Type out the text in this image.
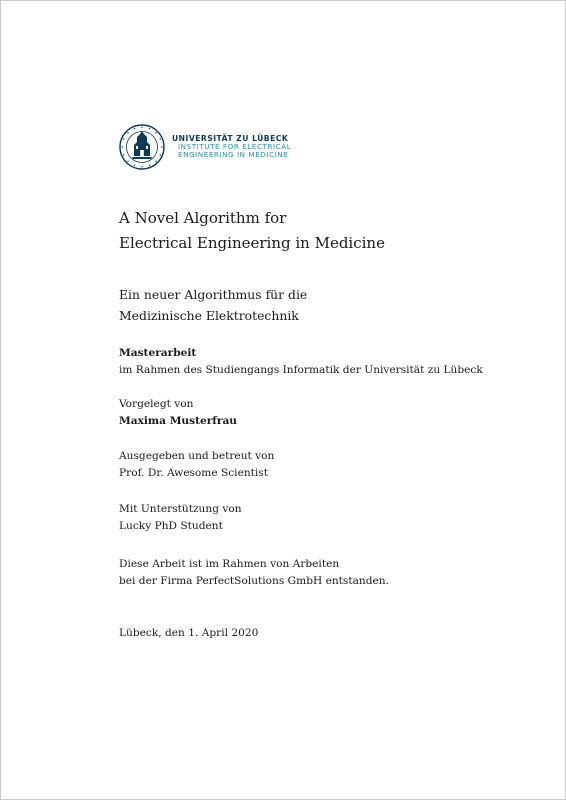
UNIVERSITÄT ZU LÜBECK
INSTITUTE FOR ELECTRICAL
ENGINEERING IN MEDICINE
A Novel Algorithm for
Electrical Engineering in Medicine
Ein neuer Algorithmus für die
Medizinische Elektrotechnik
Masterarbeit
im Rahmen des Studiengangs Informatik der Universität zu Lübeck
Vorgelegt von
Maxima Musterfrau
Ausgegeben und betreut von
Prof. Dr. Awesome Scientist
Mit Unterstützung von
Lucky PhD Student
Diese Arbeit ist im Rahmen von Arbeiten
bei der Firma PerfectSolutions GmbH entstanden.
Lübeck, den 1. April 2020
